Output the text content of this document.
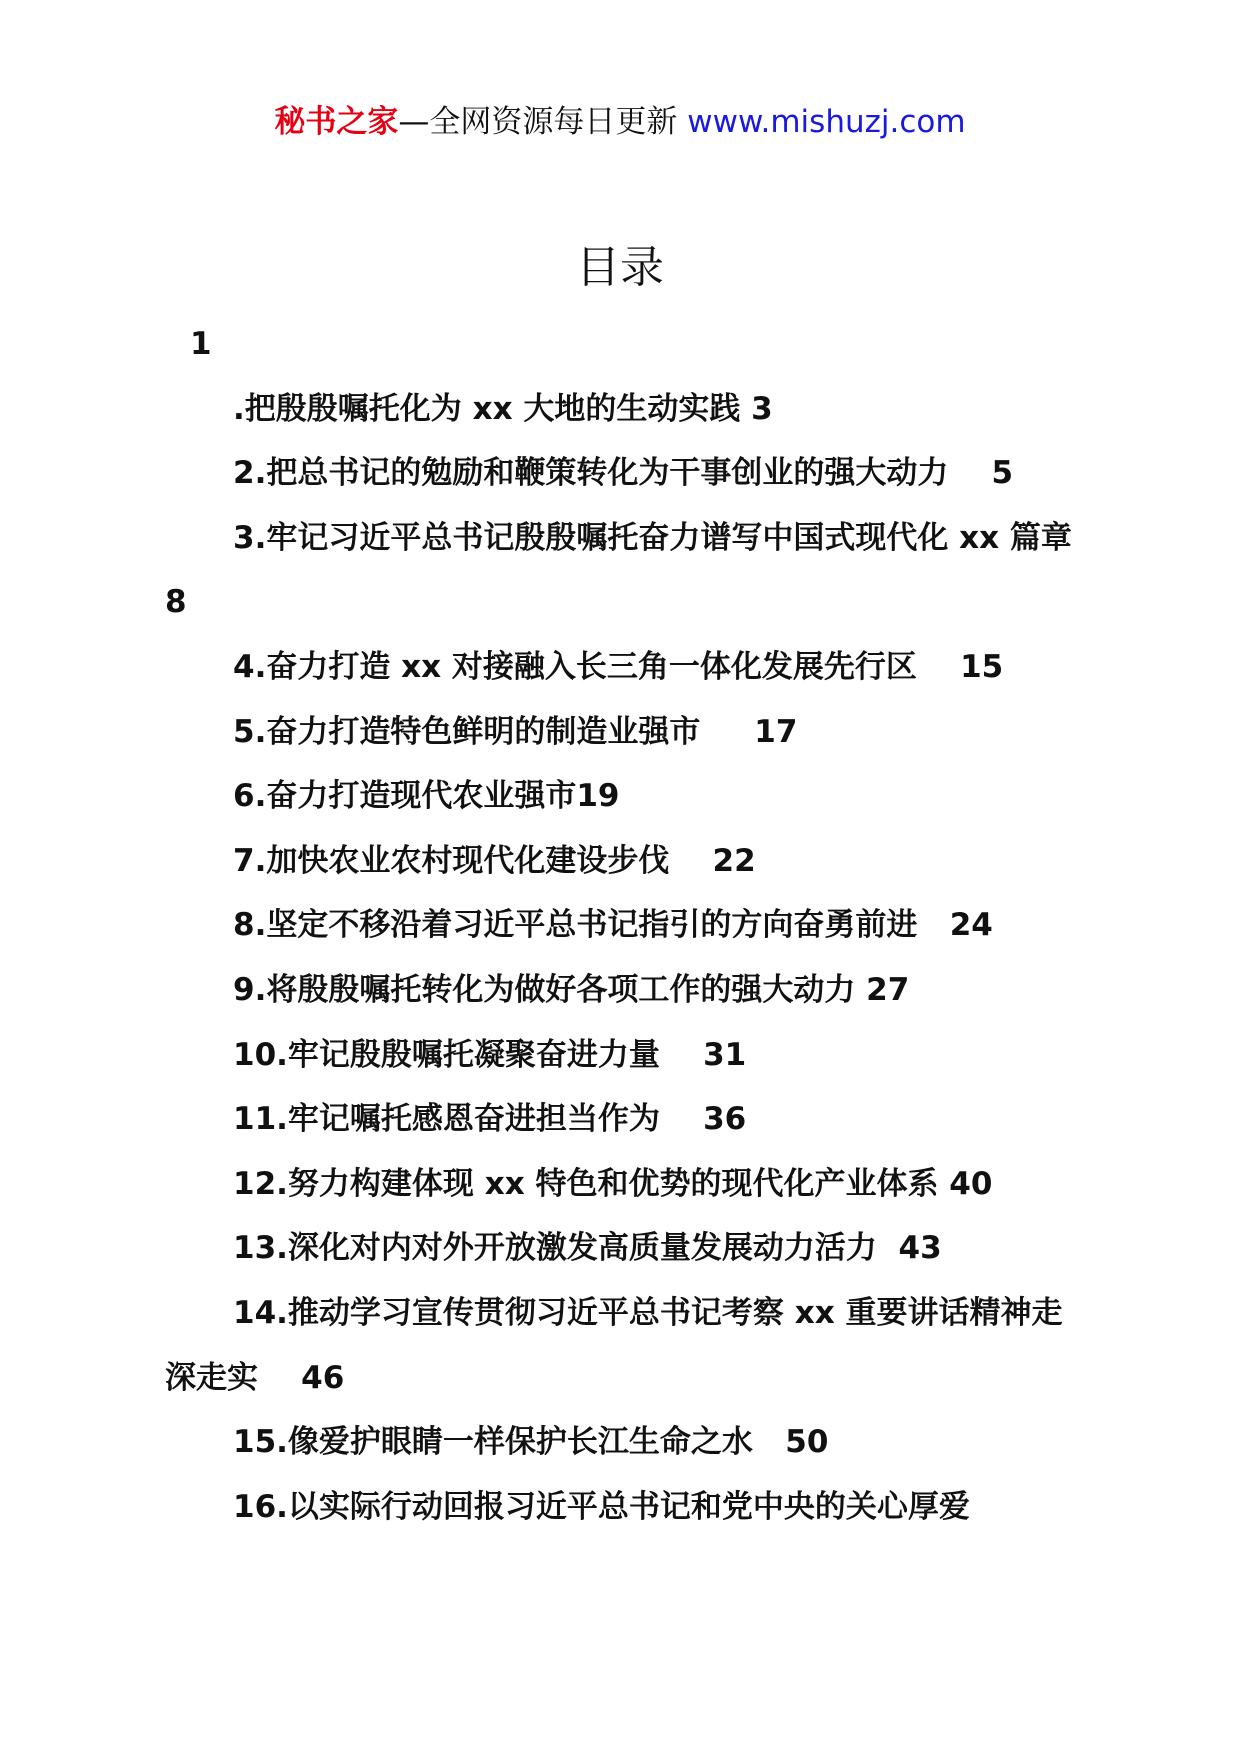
秘书之家—全网资源每日更新 www.mishuzj.com
目录
1
.把殷殷嘱托化为 xx 大地的生动实践 3
2.把总书记的勉励和鞭策转化为干事创业的强大动力    5
3.牢记习近平总书记殷殷嘱托奋力谱写中国式现代化 xx 篇章  8
4.奋力打造 xx 对接融入长三角一体化发展先行区    15
5.奋力打造特色鲜明的制造业强市     17
6.奋力打造现代农业强市19
7.加快农业农村现代化建设步伐    22
8.坚定不移沿着习近平总书记指引的方向奋勇前进   24
9.将殷殷嘱托转化为做好各项工作的强大动力 27
10.牢记殷殷嘱托凝聚奋进力量    31
11.牢记嘱托感恩奋进担当作为    36
12.努力构建体现 xx 特色和优势的现代化产业体系 40
13.深化对内对外开放激发高质量发展动力活力  43
14.推动学习宣传贯彻习近平总书记考察 xx 重要讲话精神走深走实    46
15.像爱护眼睛一样保护长江生命之水   50
16.以实际行动回报习近平总书记和党中央的关心厚爱
